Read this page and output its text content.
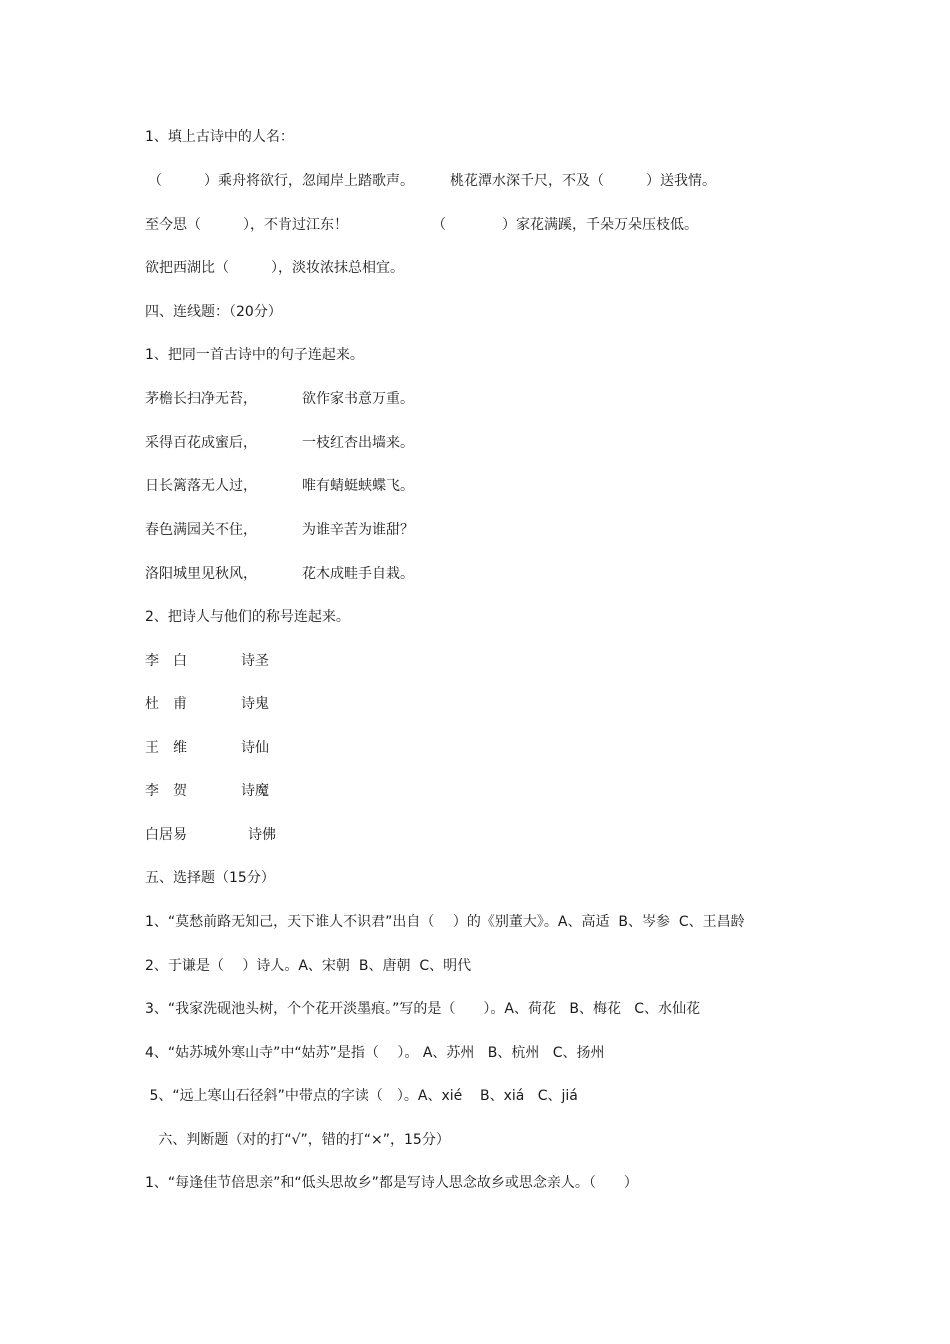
1、填上古诗中的人名：

（　　　）乘舟将欲行，忽闻岸上踏歌声。

	桃花潭水深千尺，不及（　　　）送我情。

至今思（　　　），不肯过江东！

	（　　　　）家花满蹊，千朵万朵压枝低。

欲把西湖比（　　　），淡妆浓抹总相宜。
四、连线题：（20分）
1、把同一首古诗中的句子连起来。

茅檐长扫净无苔，

	欲作家书意万重。

采得百花成蜜后，

	一枝红杏出墙来。

日长篱落无人过，

	唯有蜻蜓蛱蝶飞。

春色满园关不住，

	为谁辛苦为谁甜？

洛阳城里见秋风，

	花木成畦手自栽。

2、把诗人与他们的称号连起来。

李　白

	诗圣

杜　甫

	诗鬼

王　维

	诗仙

李　贺

	诗魔

白居易

	诗佛

五、选择题（15分）
1、“莫愁前路无知己，天下谁人不识君”出自（　 ）的《别董大》。A、高适  B、岑参  C、王昌龄
2、于谦是（　 ）诗人。A、宋朝  B、唐朝  C、明代
3、“我家洗砚池头树，个个花开淡墨痕。”写的是（　　）。A、荷花   B、梅花   C、水仙花
4、“姑苏城外寒山寺”中“姑苏”是指（　 ）。 A、苏州   B、杭州   C、扬州
5、“远上寒山石径斜”中带点的字读（　）。A、xié    B、xiá   C、jiá
六、判断题（对的打“√”，错的打“×”，15分）
1、“每逢佳节倍思亲”和“低头思故乡”都是写诗人思念故乡或思念亲人。（　　）
